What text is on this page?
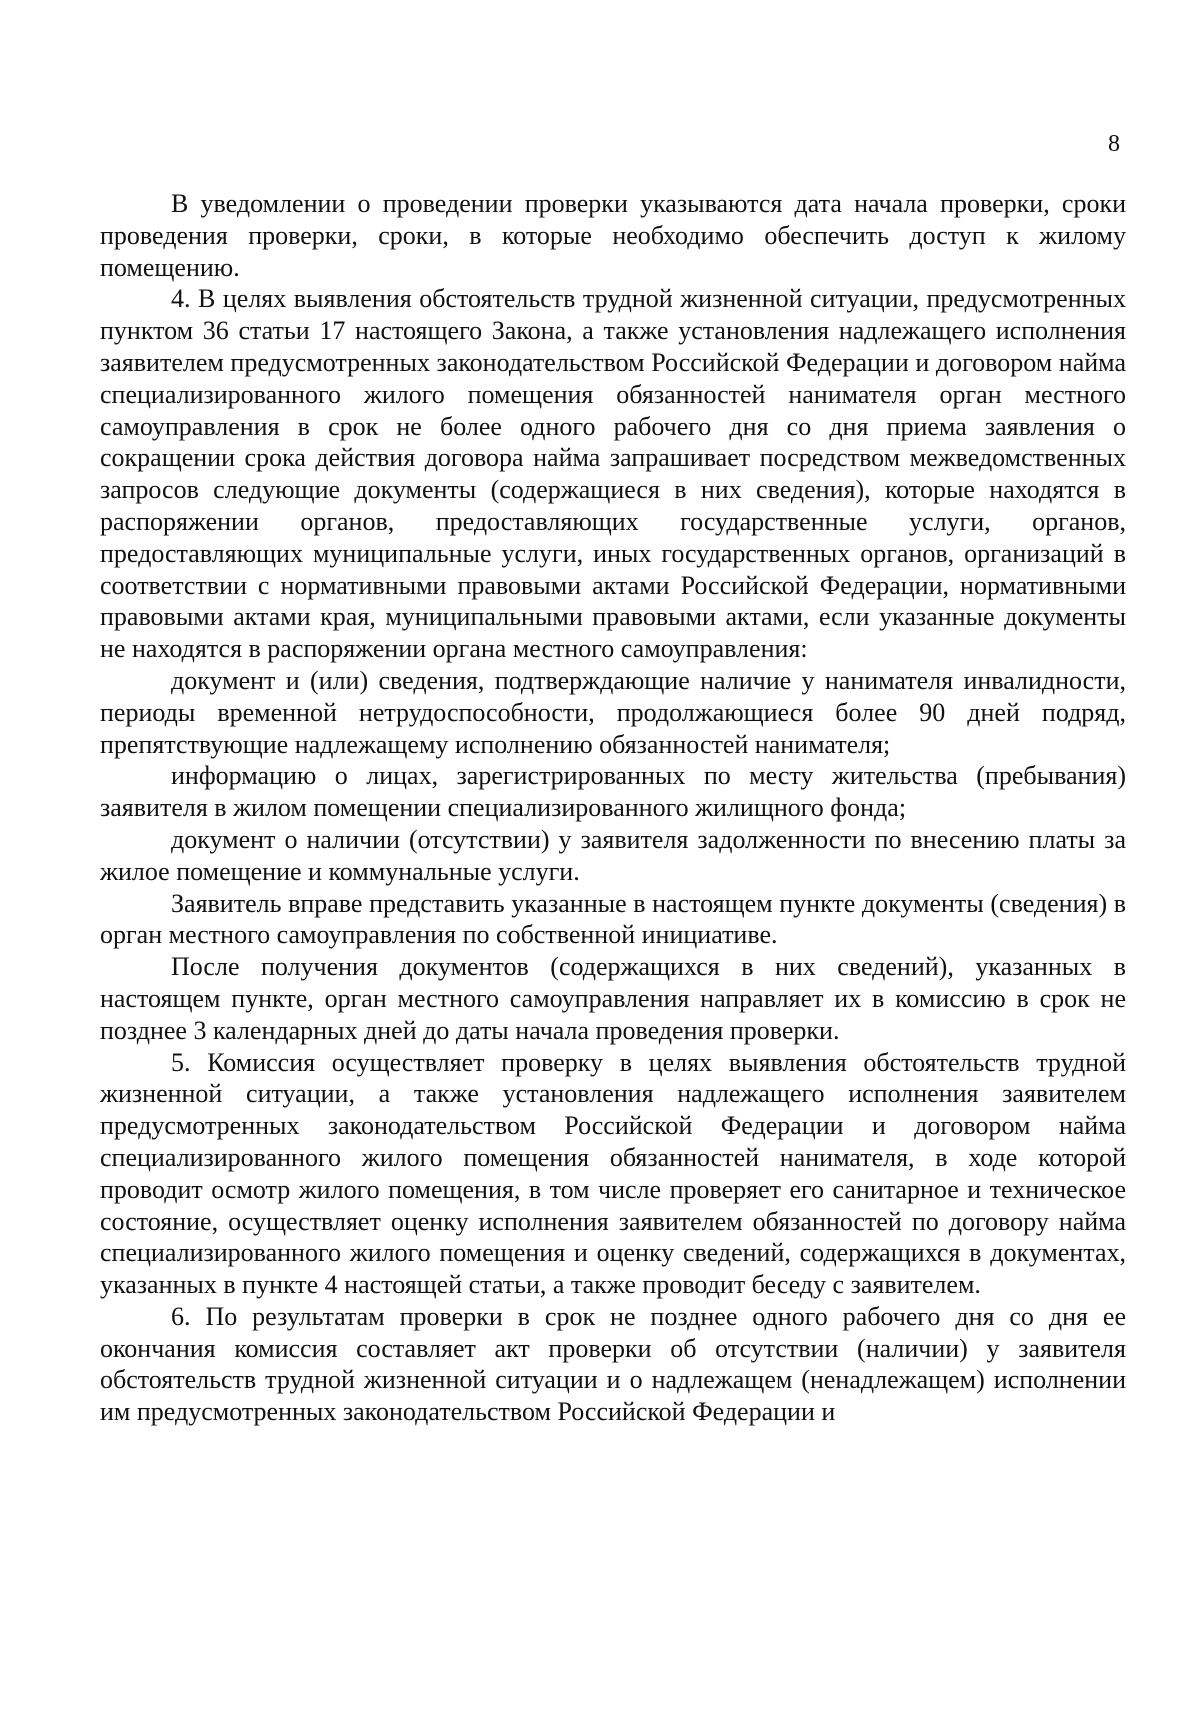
8

В уведомлении о проведении проверки указываются дата начала проверки, сроки проведения проверки, сроки, в которые необходимо обеспечить доступ к жилому помещению.

4. В целях выявления обстоятельств трудной жизненной ситуации, предусмотренных пунктом 36 статьи 17 настоящего Закона, а также установления надлежащего исполнения заявителем предусмотренных законодательством Российской Федерации и договором найма специализированного жилого помещения обязанностей нанимателя орган местного самоуправления в срок не более одного рабочего дня со дня приема заявления о сокращении срока действия договора найма запрашивает посредством межведомственных запросов следующие документы (содержащиеся в них сведения), которые находятся в распоряжении органов, предоставляющих государственные услуги, органов, предоставляющих муниципальные услуги, иных государственных органов, организаций в соответствии с нормативными правовыми актами Российской Федерации, нормативными правовыми актами края, муниципальными правовыми актами, если указанные документы не находятся в распоряжении органа местного самоуправления:

документ и (или) сведения, подтверждающие наличие у нанимателя инвалидности, периоды временной нетрудоспособности, продолжающиеся более 90 дней подряд, препятствующие надлежащему исполнению обязанностей нанимателя;

информацию о лицах, зарегистрированных по месту жительства (пребывания) заявителя в жилом помещении специализированного жилищного фонда;

документ о наличии (отсутствии) у заявителя задолженности по внесению платы за жилое помещение и коммунальные услуги.

Заявитель вправе представить указанные в настоящем пункте документы (сведения) в орган местного самоуправления по собственной инициативе.

После получения документов (содержащихся в них сведений), указанных в настоящем пункте, орган местного самоуправления направляет их в комиссию в срок не позднее 3 календарных дней до даты начала проведения проверки.

5. Комиссия осуществляет проверку в целях выявления обстоятельств трудной жизненной ситуации, а также установления надлежащего исполнения заявителем предусмотренных законодательством Российской Федерации и договором найма специализированного жилого помещения обязанностей нанимателя, в ходе которой проводит осмотр жилого помещения, в том числе проверяет его санитарное и техническое состояние, осуществляет оценку исполнения заявителем обязанностей по договору найма специализированного жилого помещения и оценку сведений, содержащихся в документах, указанных в пункте 4 настоящей статьи, а также проводит беседу с заявителем.

6. По результатам проверки в срок не позднее одного рабочего дня со дня ее окончания комиссия составляет акт проверки об отсутствии (наличии) у заявителя обстоятельств трудной жизненной ситуации и о надлежащем (ненадлежащем) исполнении им предусмотренных законодательством Российской Федерации и
